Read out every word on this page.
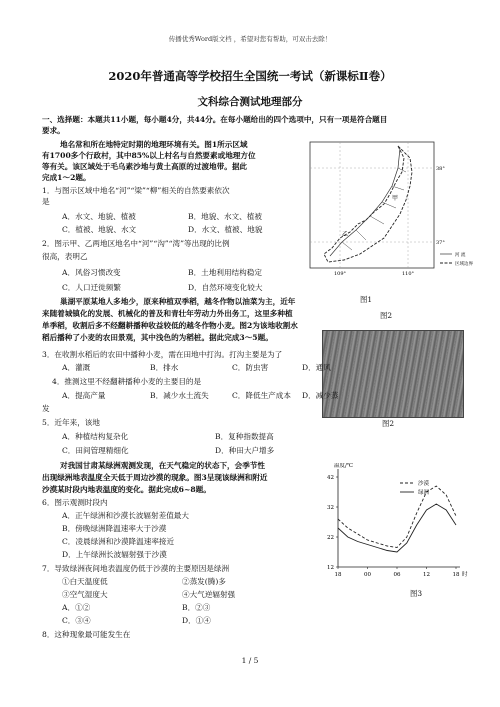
传播优秀Word版文档 ，希望对您有帮助，可双击去除！
2020年普通高等学校招生全国统一考试（新课标Ⅱ卷）
文科综合测试地理部分
一、选择题：本题共11小题，每小题4分，共44分。在每小题给出的四个选项中，只有一项是符合题目
要求。
地名常和所在地特定时期的地理环境有关。图1所示区域
有1700多个行政村，其中85%以上村名与自然要素或地理方位
等有关。该区域处于毛乌素沙地与黄土高原的过渡地带。据此
完成1～2题。
1．与图示区域中地名“河”“梁”“柳”相关的自然要素依次
是
A．水文、地貌、植被	B．地貌、水文、植被
C．植被、地貌、水文	D．水文、植被、地貌
2．图示甲、乙两地区地名中“河”“沟”“湾”等出现的比例
很高，表明乙
A．风俗习惯改变	B．土地利用结构稳定
C．人口迁徙频繁	D．自然环境变化较大
38°
37°
109°	110°
甲
乙
河 流
区域边界
图1
图2
巢湖平原某地人多地少，原来种植双季稻，越冬作物以油菜为主，近年
来随着城镇化的发展、机械化的普及和青壮年劳动力外出务工，这里多种植
单季稻，收割后多不经翻耕播种收益较低的越冬作物小麦。图2为该地收割水
稻后播种了小麦的农田景观，其中浅色的为稻桩。据此完成3～5题。
图2
3．在收割水稻后的农田中播种小麦，需在田地中打沟。打沟主要是为了
A．灌溉	B．排水	C．防虫害	D．通风
4．推测这里不经翻耕播种小麦的主要目的是
A．提高产量	B．减少水土流失	C．降低生产成本 D．减少蒸
发
5．近年来，该地
A．种植结构复杂化	B．复种指数提高
C．田间管理精细化	D．种田大户增多
对我国甘肃某绿洲观测发现，在天气稳定的状态下，会季节性
出现绿洲地表温度全天低于周边沙漠的现象。图3呈现该绿洲和附近
沙漠某时段内地表温度的变化。据此完成6~8题。
6．图示观测时段内
A．正午绿洲和沙漠长波辐射差值最大
B．傍晚绿洲降温速率大于沙漠
C．凌晨绿洲和沙漠降温速率接近
D．上午绿洲长波辐射强于沙漠
7．导致绿洲夜间地表温度仍低于沙漠的主要原因是绿洲
①白天温度低	②蒸发(腾)多
③空气湿度大	④大气逆辐射强
A．①②	B．②③
C．③④	D．①④
8．这种现象最可能发生在
温度/℃
时
12
22
32
42
18	00	06	12	18
沙漠
绿洲
图3
1 / 5
